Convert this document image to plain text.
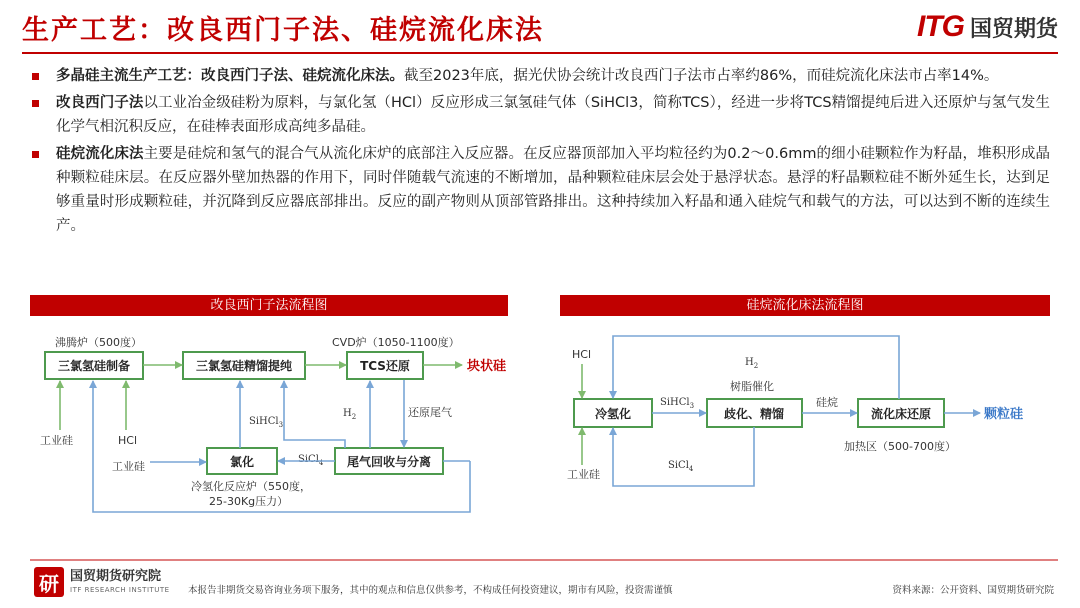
生产工艺：改良西门子法、硅烷流化床法	ITG 国贸期货
多晶硅主流生产工艺：改良西门子法、硅烷流化床法。截至2023年底，据光伏协会统计改良西门子法市占率约86%，而硅烷流化床法市占率14%。
改良西门子法以工业冶金级硅粉为原料，与氯化氢（HCl）反应形成三氯氢硅气体（SiHCl3，简称TCS），经进一步将TCS精馏提纯后进入还原炉与氢气发生化学气相沉积反应，在硅棒表面形成高纯多晶硅。
硅烷流化床法主要是硅烷和氢气的混合气从流化床炉的底部注入反应器。在反应器顶部加入平均粒径约为0.2～0.6mm的细小硅颗粒作为籽晶，堆积形成晶种颗粒硅床层。在反应器外壁加热器的作用下，同时伴随载气流速的不断增加，晶种颗粒硅床层会处于悬浮状态。悬浮的籽晶颗粒硅不断外延生长，达到足够重量时形成颗粒硅，并沉降到反应器底部排出。反应的副产物则从顶部管路排出。这种持续加入籽晶和通入硅烷气和载气的方法，可以达到不断的连续生产。
改良西门子法流程图	硅烷流化床法流程图
三氯氢硅制备	三氯氢硅精馏提纯	TCS还原
氯化	尾气回收与分离
沸腾炉（500度）	CVD炉（1050-1100度）
块状硅
工业硅	HCl
工业硅
SiHCl$_3$
SiCl$_4$
$H_2$	还原尾气
冷氢化反应炉（550度，
25-30Kg压力）
冷氢化	歧化、精馏	流化床还原
HCl
工业硅
$H_2$
SiHCl$_3$
树脂催化
硅烷
SiCl$_4$
加热区（500-700度）
颗粒硅
研 国贸期货研究院
ITF RESEARCH INSTITUTE 本报告非期货交易咨询业务项下服务，其中的观点和信息仅供参考，不构成任何投资建议，期市有风险，投资需谨慎	资料来源：公开资料、国贸期货研究院
